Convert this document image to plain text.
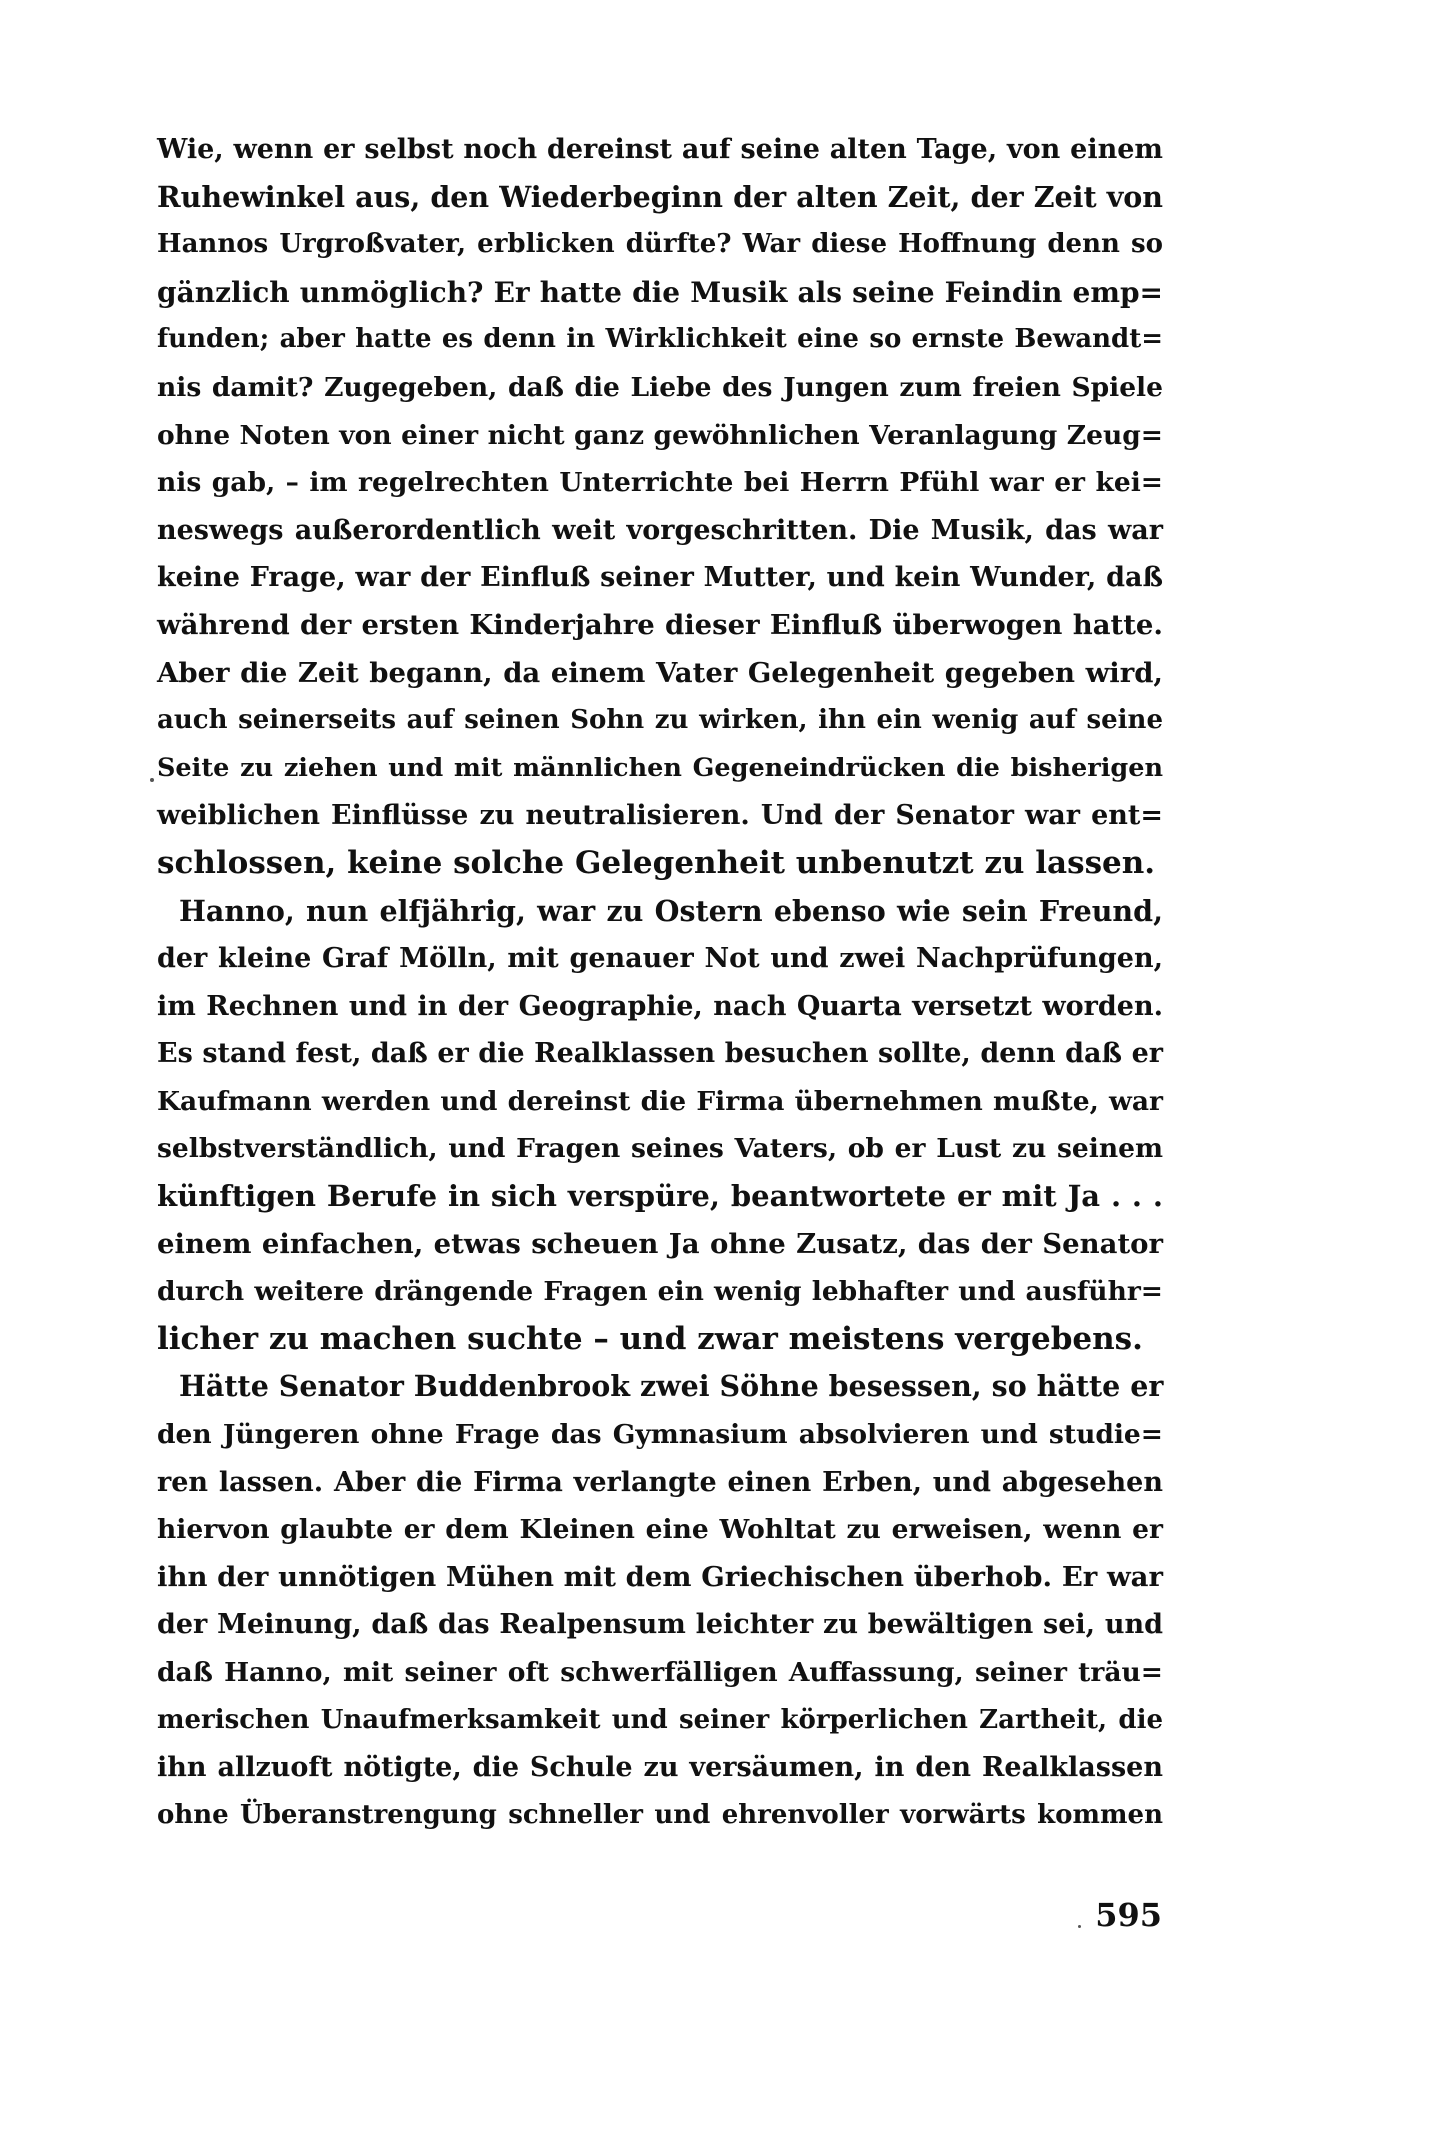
Wie, wenn er selbst noch dereinst auf seine alten Tage, von einem
Ruhewinkel aus, den Wiederbeginn der alten Zeit, der Zeit von
Hannos Urgroßvater, erblicken dürfte? War diese Hoffnung denn so
gänzlich unmöglich? Er hatte die Musik als seine Feindin emp=
funden; aber hatte es denn in Wirklichkeit eine so ernste Bewandt=
nis damit? Zugegeben, daß die Liebe des Jungen zum freien Spiele
ohne Noten von einer nicht ganz gewöhnlichen Veranlagung Zeug=
nis gab, – im regelrechten Unterrichte bei Herrn Pfühl war er kei=
neswegs außerordentlich weit vorgeschritten. Die Musik, das war
keine Frage, war der Einfluß seiner Mutter, und kein Wunder, daß
während der ersten Kinderjahre dieser Einfluß überwogen hatte.
Aber die Zeit begann, da einem Vater Gelegenheit gegeben wird,
auch seinerseits auf seinen Sohn zu wirken, ihn ein wenig auf seine
Seite zu ziehen und mit männlichen Gegeneindrücken die bisherigen
weiblichen Einflüsse zu neutralisieren. Und der Senator war ent=
schlossen, keine solche Gelegenheit unbenutzt zu lassen.
Hanno, nun elfjährig, war zu Ostern ebenso wie sein Freund,
der kleine Graf Mölln, mit genauer Not und zwei Nachprüfungen,
im Rechnen und in der Geographie, nach Quarta versetzt worden.
Es stand fest, daß er die Realklassen besuchen sollte, denn daß er
Kaufmann werden und dereinst die Firma übernehmen mußte, war
selbstverständlich, und Fragen seines Vaters, ob er Lust zu seinem
künftigen Berufe in sich verspüre, beantwortete er mit Ja . . .
einem einfachen, etwas scheuen Ja ohne Zusatz, das der Senator
durch weitere drängende Fragen ein wenig lebhafter und ausführ=
licher zu machen suchte – und zwar meistens vergebens.
Hätte Senator Buddenbrook zwei Söhne besessen, so hätte er
den Jüngeren ohne Frage das Gymnasium absolvieren und studie=
ren lassen. Aber die Firma verlangte einen Erben, und abgesehen
hiervon glaubte er dem Kleinen eine Wohltat zu erweisen, wenn er
ihn der unnötigen Mühen mit dem Griechischen überhob. Er war
der Meinung, daß das Realpensum leichter zu bewältigen sei, und
daß Hanno, mit seiner oft schwerfälligen Auffassung, seiner träu=
merischen Unaufmerksamkeit und seiner körperlichen Zartheit, die
ihn allzuoft nötigte, die Schule zu versäumen, in den Realklassen
ohne Überanstrengung schneller und ehrenvoller vorwärts kommen
595
